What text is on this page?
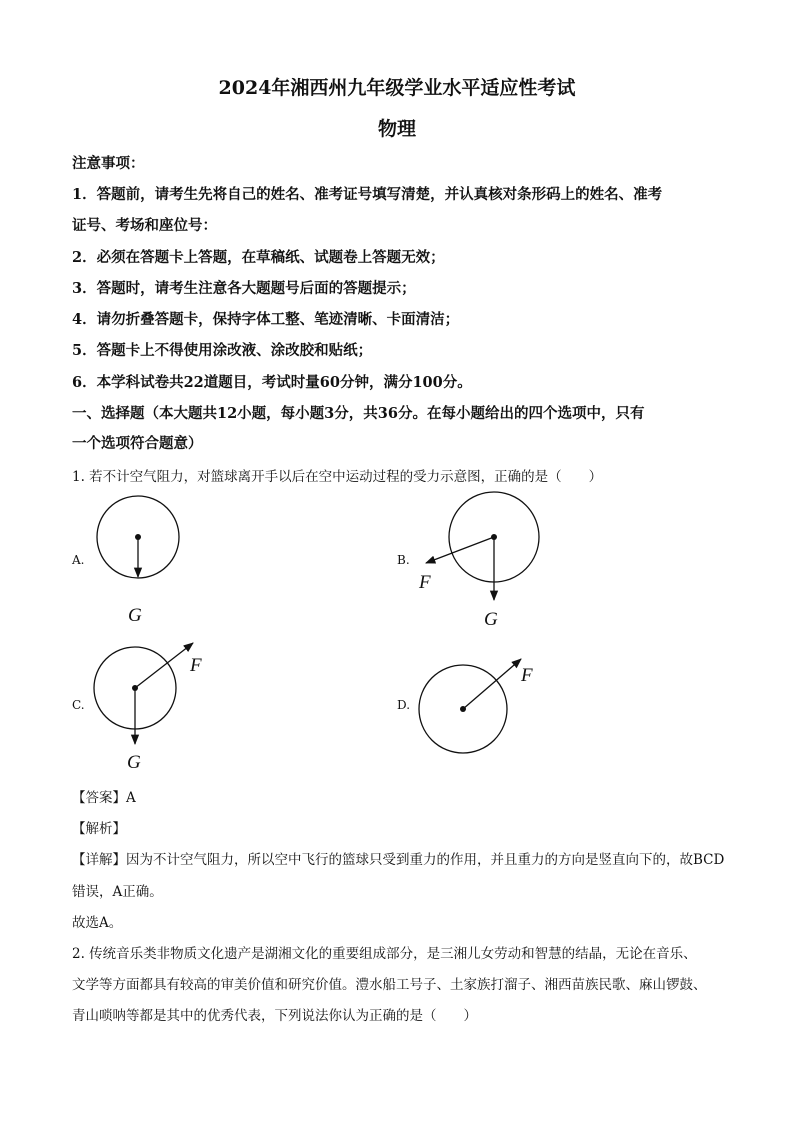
2024年湘西州九年级学业水平适应性考试
物理
注意事项：
1．答题前，请考生先将自己的姓名、准考证号填写清楚，并认真核对条形码上的姓名、准考
证号、考场和座位号：
2．必须在答题卡上答题，在草稿纸、试题卷上答题无效；
3．答题时，请考生注意各大题题号后面的答题提示；
4．请勿折叠答题卡，保持字体工整、笔迹清晰、卡面清洁；
5．答题卡上不得使用涂改液、涂改胶和贴纸；
6．本学科试卷共22道题目，考试时量60分钟，满分100分。
一、选择题（本大题共12小题，每小题3分，共36分。在每小题给出的四个选项中，只有
一个选项符合题意）
1. 若不计空气阻力，对篮球离开手以后在空中运动过程的受力示意图，正确的是（　　）
A.
G
B.
F
G
C.
F
G
D.
F
【答案】A
【解析】
【详解】因为不计空气阻力，所以空中飞行的篮球只受到重力的作用，并且重力的方向是竖直向下的，故BCD
错误，A正确。
故选A。
2. 传统音乐类非物质文化遗产是湖湘文化的重要组成部分，是三湘儿女劳动和智慧的结晶，无论在音乐、
文学等方面都具有较高的审美价值和研究价值。澧水船工号子、土家族打溜子、湘西苗族民歌、麻山锣鼓、
青山唢呐等都是其中的优秀代表，下列说法你认为正确的是（　　）
